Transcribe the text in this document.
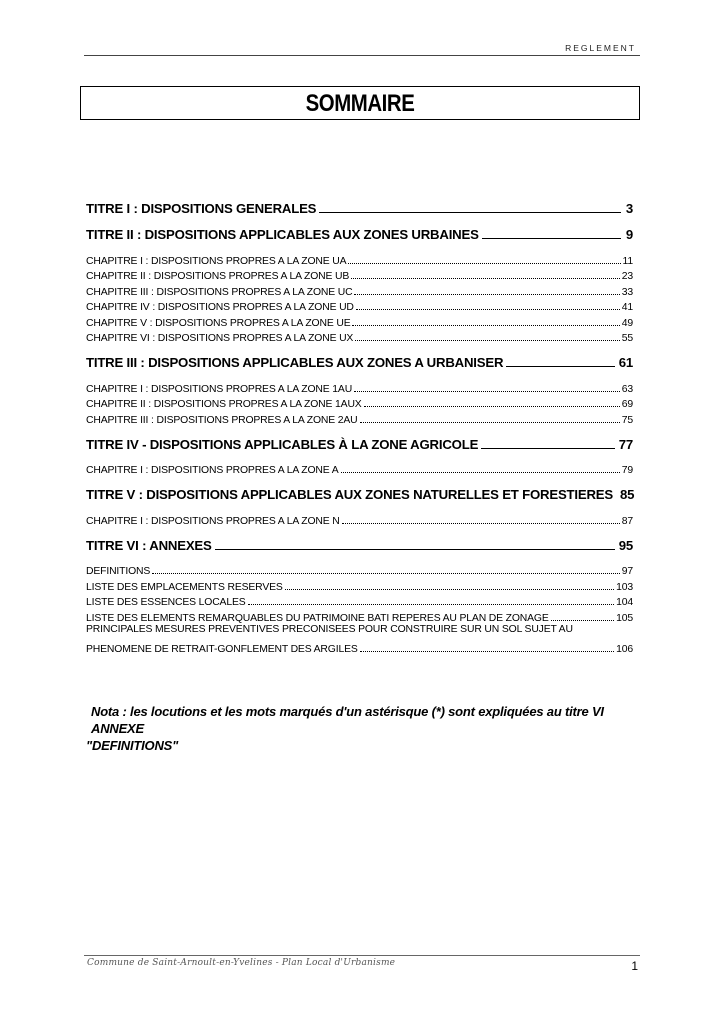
REGLEMENT
SOMMAIRE
TITRE I : DISPOSITIONS GENERALES	3
TITRE II : DISPOSITIONS APPLICABLES AUX ZONES URBAINES	9
CHAPITRE I : DISPOSITIONS PROPRES A LA ZONE UA	11
CHAPITRE II : DISPOSITIONS PROPRES A LA ZONE UB	23
CHAPITRE III : DISPOSITIONS PROPRES A LA ZONE UC	33
CHAPITRE IV : DISPOSITIONS PROPRES A LA ZONE UD	41
CHAPITRE V : DISPOSITIONS PROPRES A LA ZONE UE	49
CHAPITRE VI : DISPOSITIONS PROPRES A LA ZONE UX	55
TITRE III : DISPOSITIONS APPLICABLES AUX ZONES A URBANISER	61
CHAPITRE I : DISPOSITIONS PROPRES A LA ZONE 1AU	63
CHAPITRE II : DISPOSITIONS PROPRES A LA ZONE 1AUX	69
CHAPITRE III : DISPOSITIONS PROPRES A LA ZONE 2AU	75
TITRE IV - DISPOSITIONS APPLICABLES À LA ZONE AGRICOLE	77
CHAPITRE I : DISPOSITIONS PROPRES A LA ZONE A	79
TITRE V : DISPOSITIONS APPLICABLES AUX ZONES NATURELLES ET FORESTIERES 85
CHAPITRE I : DISPOSITIONS PROPRES A LA ZONE N	87
TITRE VI : ANNEXES	95
DEFINITIONS	97
LISTE DES EMPLACEMENTS RESERVES	103
LISTE DES ESSENCES LOCALES	104
LISTE DES ELEMENTS REMARQUABLES DU PATRIMOINE BATI REPERES AU PLAN DE ZONAGE	105
PRINCIPALES MESURES PREVENTIVES PRECONISEES POUR CONSTRUIRE SUR UN SOL SUJET AU
PHENOMENE DE RETRAIT-GONFLEMENT DES ARGILES	106
Nota : les locutions et les mots marqués d'un astérisque (*) sont expliquées au titre VI ANNEXE
"DEFINITIONS"
Commune de Saint-Arnoult-en-Yvelines - Plan Local d'Urbanisme	1
